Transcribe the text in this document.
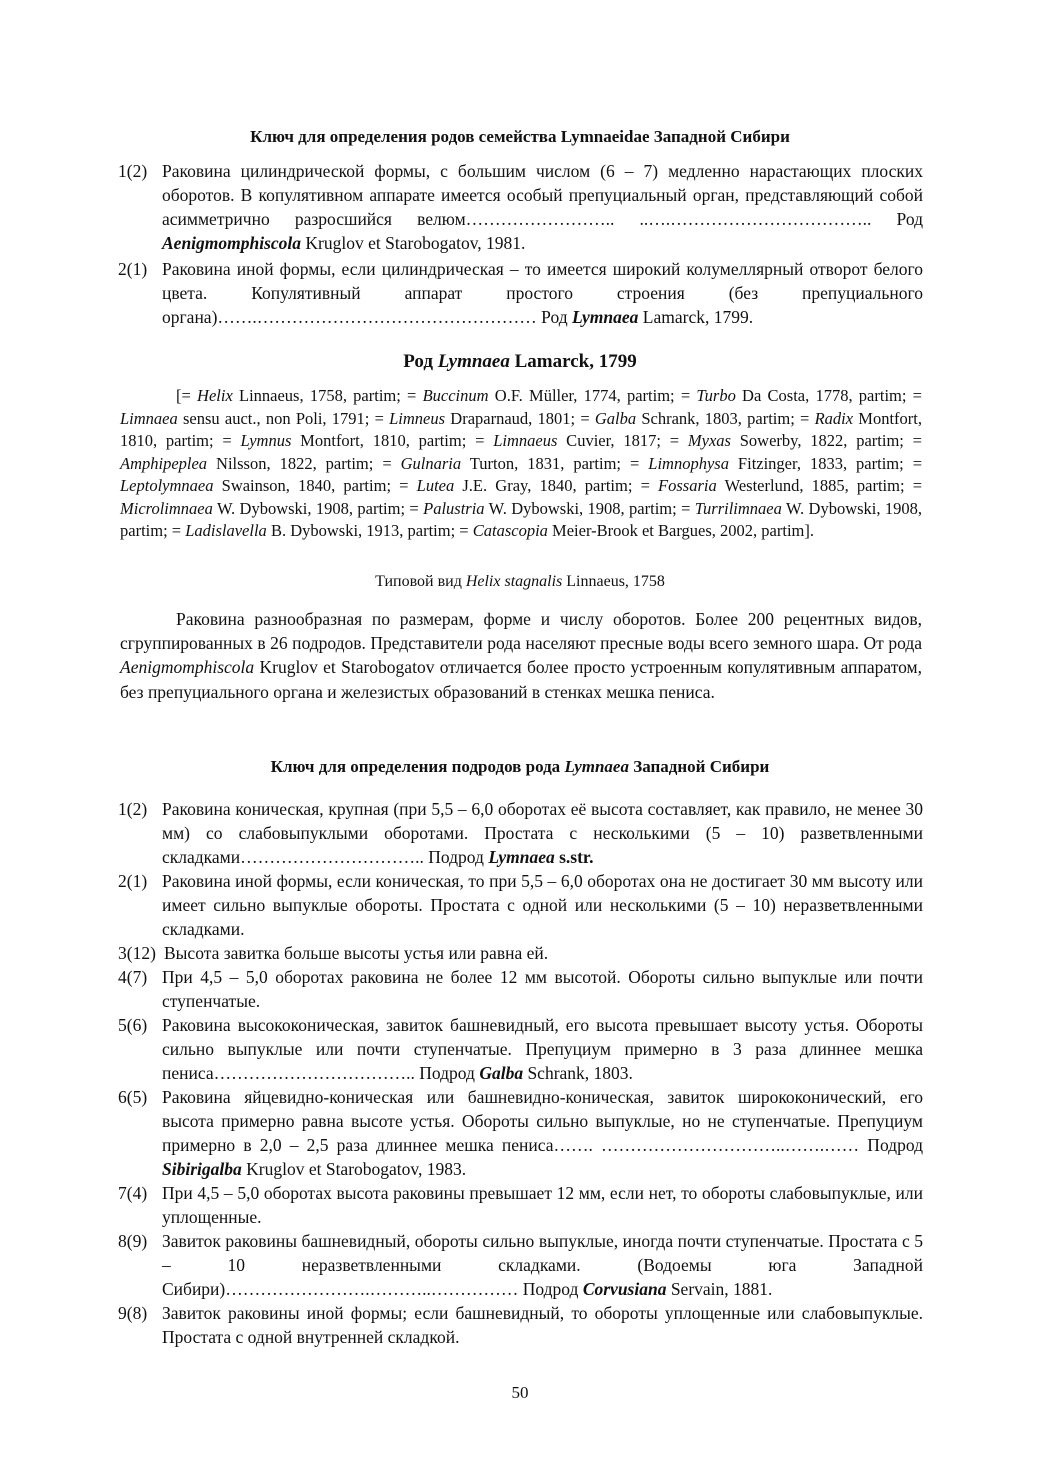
Ключ для определения родов семейства Lymnaeidae Западной Сибири

1(2) Раковина цилиндрической формы, с большим числом (6 – 7) медленно нарастающих плоских оборотов. В копулятивном аппарате имеется особый препуциальный орган, представляющий собой асимметрично разросшийся велюм…………………….. ..….…………………………….. Род Aenigmomphiscola Kruglov et Starobogatov, 1981.
2(1) Раковина иной формы, если цилиндрическая – то имеется широкий колумеллярный отворот белого цвета. Копулятивный аппарат простого строения (без препуциального органа)…….………………………………………… Род Lymnaea Lamarck, 1799.

Род Lymnaea Lamarck, 1799

[= Helix Linnaeus, 1758, partim; = Buccinum O.F. Müller, 1774, partim; = Turbo Da Costa, 1778, partim; = Limnaea sensu auct., non Poli, 1791; = Limneus Draparnaud, 1801; = Galba Schrank, 1803, partim; = Radix Montfort, 1810, partim; = Lymnus Montfort, 1810, partim; = Limnaeus Cuvier, 1817; = Myxas Sowerby, 1822, partim; = Amphipeplea Nilsson, 1822, partim; = Gulnaria Turton, 1831, partim; = Limnophysa Fitzinger, 1833, partim; = Leptolymnaea Swainson, 1840, partim; = Lutea J.E. Gray, 1840, partim; = Fossaria Westerlund, 1885, partim; = Microlimnaea W. Dybowski, 1908, partim; = Palustria W. Dybowski, 1908, partim; = Turrilimnaea W. Dybowski, 1908, partim; = Ladislavella B. Dybowski, 1913, partim; = Catascopia Meier-Brook et Bargues, 2002, partim].

Типовой вид Helix stagnalis Linnaeus, 1758

Раковина разнообразная по размерам, форме и числу оборотов. Более 200 рецентных видов, сгруппированных в 26 подродов. Представители рода населяют пресные воды всего земного шара. От рода Aenigmomphiscola Kruglov et Starobogatov отличается более просто устроенным копулятивным аппаратом, без препуциального органа и железистых образований в стенках мешка пениса.

Ключ для определения подродов рода Lymnaea Западной Сибири

1(2) Раковина коническая, крупная (при 5,5 – 6,0 оборотах её высота составляет, как правило, не менее 30 мм) со слабовыпуклыми оборотами. Простата с несколькими (5 – 10) разветвленными складками………………………….. Подрод Lymnaea s.str.
2(1) Раковина иной формы, если коническая, то при 5,5 – 6,0 оборотах она не достигает 30 мм высоту или имеет сильно выпуклые обороты. Простата с одной или несколькими (5 – 10) неразветвленными складками.
3(12) Высота завитка больше высоты устья или равна ей.
4(7) При 4,5 – 5,0 оборотах раковина не более 12 мм высотой. Обороты сильно выпуклые или почти ступенчатые.
5(6) Раковина высококоническая, завиток башневидный, его высота превышает высоту устья. Обороты сильно выпуклые или почти ступенчатые. Препуциум примерно в 3 раза длиннее мешка пениса…………………………….. Подрод Galba Schrank, 1803.
6(5) Раковина яйцевидно-коническая или башневидно-коническая, завиток ширококонический, его высота примерно равна высоте устья. Обороты сильно выпуклые, но не ступенчатые. Препуциум примерно в 2,0 – 2,5 раза длиннее мешка пениса……. …………………………..…….…… Подрод Sibirigalba Kruglov et Starobogatov, 1983.
7(4) При 4,5 – 5,0 оборотах высота раковины превышает 12 мм, если нет, то обороты слабовыпуклые, или уплощенные.
8(9) Завиток раковины башневидный, обороты сильно выпуклые, иногда почти ступенчатые. Простата с 5 – 10 неразветвленными складками. (Водоемы юга Западной Сибири)…………………….………..…………… Подрод Corvusiana Servain, 1881.
9(8) Завиток раковины иной формы; если башневидный, то обороты уплощенные или слабовыпуклые. Простата с одной внутренней складкой.

50
